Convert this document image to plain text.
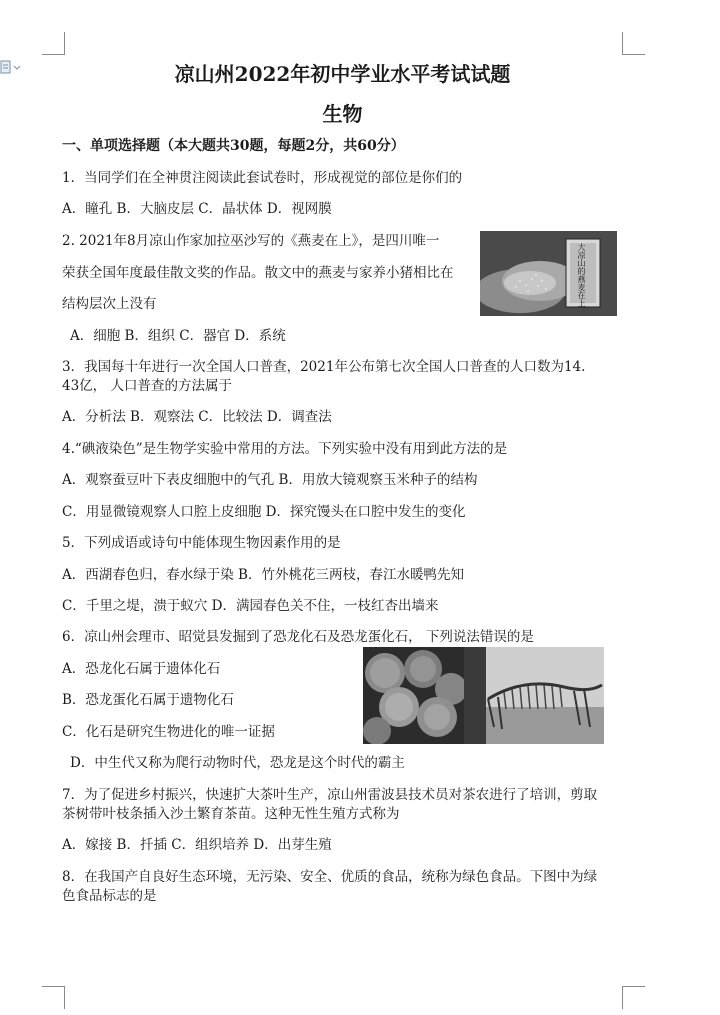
凉山州2022年初中学业水平考试试题
生物
一、单项选择题（本大题共30题，每题2分，共60分）
1．当同学们在全神贯注阅读此套试卷时，形成视觉的部位是你们的
A．瞳孔 B．大脑皮层 C．晶状体 D．视网膜
2. 2021年8月凉山作家加拉巫沙写的《燕麦在上》，是四川唯一
荣获全国年度最佳散文奖的作品。散文中的燕麦与家养小猪相比在
结构层次上没有
A．细胞 B．组织 C．器官 D．系统
大凉山的燕麦在上
3．我国每十年进行一次全国人口普查，2021年公布第七次全国人口普查的人口数为14.
43亿， 人口普查的方法属于
A．分析法 B．观察法 C．比较法 D．调查法
4.“碘液染色”是生物学实验中常用的方法。下列实验中没有用到此方法的是
A．观察蚕豆叶下表皮细胞中的气孔 B．用放大镜观察玉米种子的结构
C．用显微镜观察人口腔上皮细胞 D．探究馒头在口腔中发生的变化
5．下列成语或诗句中能体现生物因素作用的是
A．西湖春色归，春水绿于染 B．竹外桃花三两枝，春江水暖鸭先知
C．千里之堤，溃于蚁穴 D．满园春色关不住，一枝红杏出墙来
6．凉山州会理市、昭觉县发掘到了恐龙化石及恐龙蛋化石， 下列说法错误的是
A．恐龙化石属于遗体化石
B．恐龙蛋化石属于遗物化石
C．化石是研究生物进化的唯一证据
D．中生代又称为爬行动物时代，恐龙是这个时代的霸主
7．为了促进乡村振兴，快速扩大茶叶生产，凉山州雷波县技术员对茶农进行了培训，剪取
茶树带叶枝条插入沙土繁育茶苗。这种无性生殖方式称为
A．嫁接 B．扦插 C．组织培养 D．出芽生殖
8．在我国产自良好生态环境，无污染、安全、优质的食品，统称为绿色食品。下图中为绿
色食品标志的是
